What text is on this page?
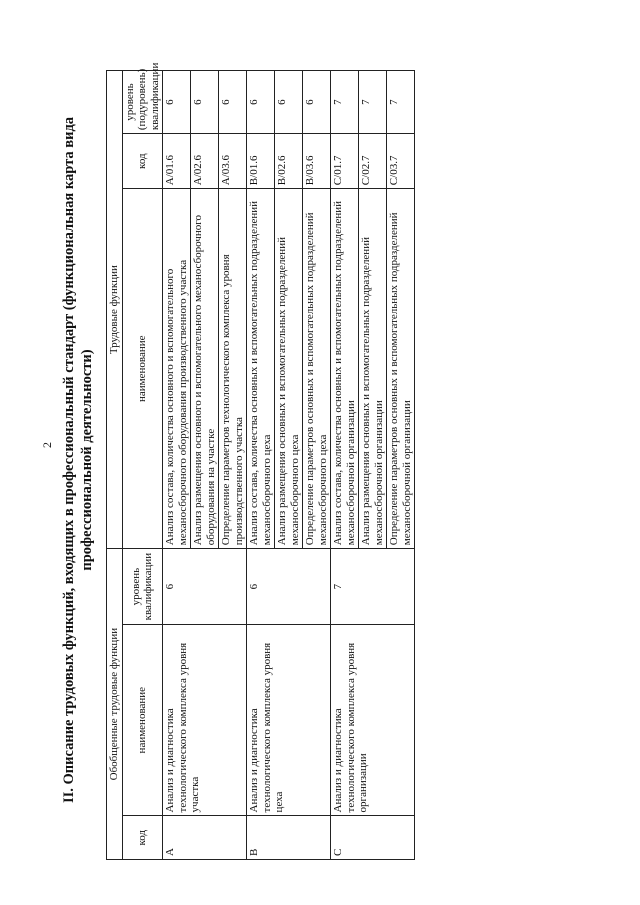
2 II. Описание трудовых функций, входящих в профессиональный стандарт (функциональная карта вида профессиональной деятельности)
Обобщенные трудовые функции			Трудовые функции		
код	наименование	уровень квалификации	наименование	код	уровень (подуровень) квалификации
A	Анализ и диагностика технологического комплекса уровня участка	6	Анализ состава, количества основного и вспомогательного механосборочного оборудования производственного участка	A/01.6	6
			Анализ размещения основного и вспомогательного механосборочного оборудования на участке	A/02.6	6
			Определение параметров технологического комплекса уровня производственного участка	A/03.6	6
B	Анализ и диагностика технологического комплекса уровня цеха	6	Анализ состава, количества основных и вспомогательных подразделений механосборочного цеха	B/01.6	6
			Анализ размещения основных и вспомогательных подразделений механосборочного цеха	B/02.6	6
			Определение параметров основных и вспомогательных подразделений механосборочного цеха	B/03.6	6
C	Анализ и диагностика технологического комплекса уровня организации	7	Анализ состава, количества основных и вспомогательных подразделений механосборочной организации	C/01.7	7
			Анализ размещения основных и вспомогательных подразделений механосборочной организации	C/02.7	7
			Определение параметров основных и вспомогательных подразделений механосборочной организации	C/03.7	7
